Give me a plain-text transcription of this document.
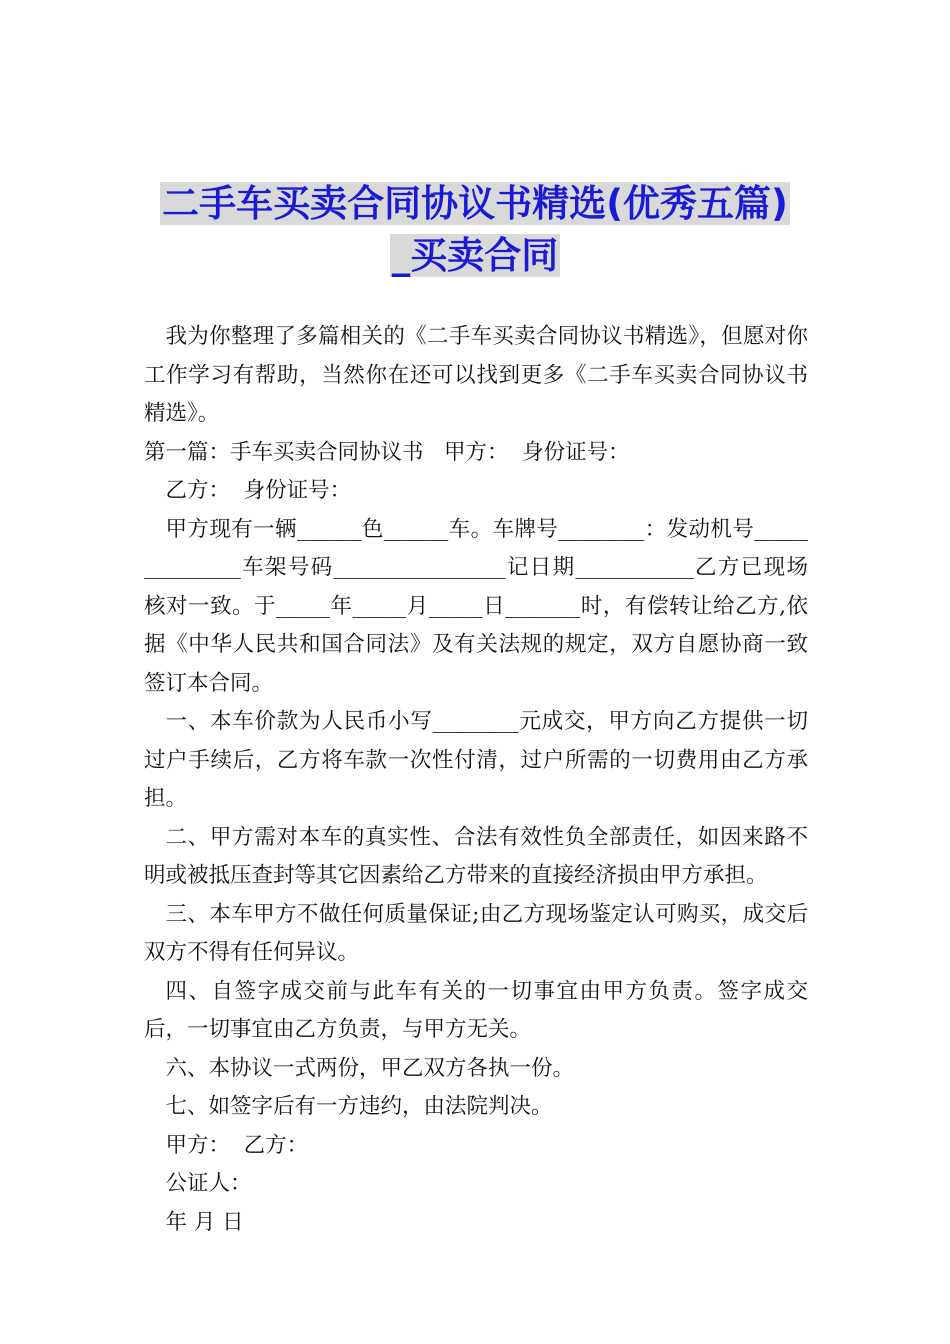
二手车买卖合同协议书精选(优秀五篇)
_买卖合同

我为你整理了多篇相关的《二手车买卖合同协议书精选》，但愿对你工作学习有帮助，当然你在还可以找到更多《二手车买卖合同协议书精选》。

第一篇：手车买卖合同协议书   甲方：  身份证号：

乙方：  身份证号：

甲方现有一辆______色______车。车牌号________：发动机号______________车架号码________________记日期___________乙方已现场核对一致。于_____年_____月_____日_______时，有偿转让给乙方,依据《中华人民共和国合同法》及有关法规的规定，双方自愿协商一致签订本合同。

一、本车价款为人民币小写________元成交，甲方向乙方提供一切过户手续后，乙方将车款一次性付清，过户所需的一切费用由乙方承担。

二、甲方需对本车的真实性、合法有效性负全部责任，如因来路不明或被抵压查封等其它因素给乙方带来的直接经济损由甲方承担。

三、本车甲方不做任何质量保证;由乙方现场鉴定认可购买，成交后双方不得有任何异议。

四、自签字成交前与此车有关的一切事宜由甲方负责。签字成交后，一切事宜由乙方负责，与甲方无关。

六、本协议一式两份，甲乙双方各执一份。

七、如签字后有一方违约，由法院判决。

甲方：  乙方：

公证人：

年 月 日
